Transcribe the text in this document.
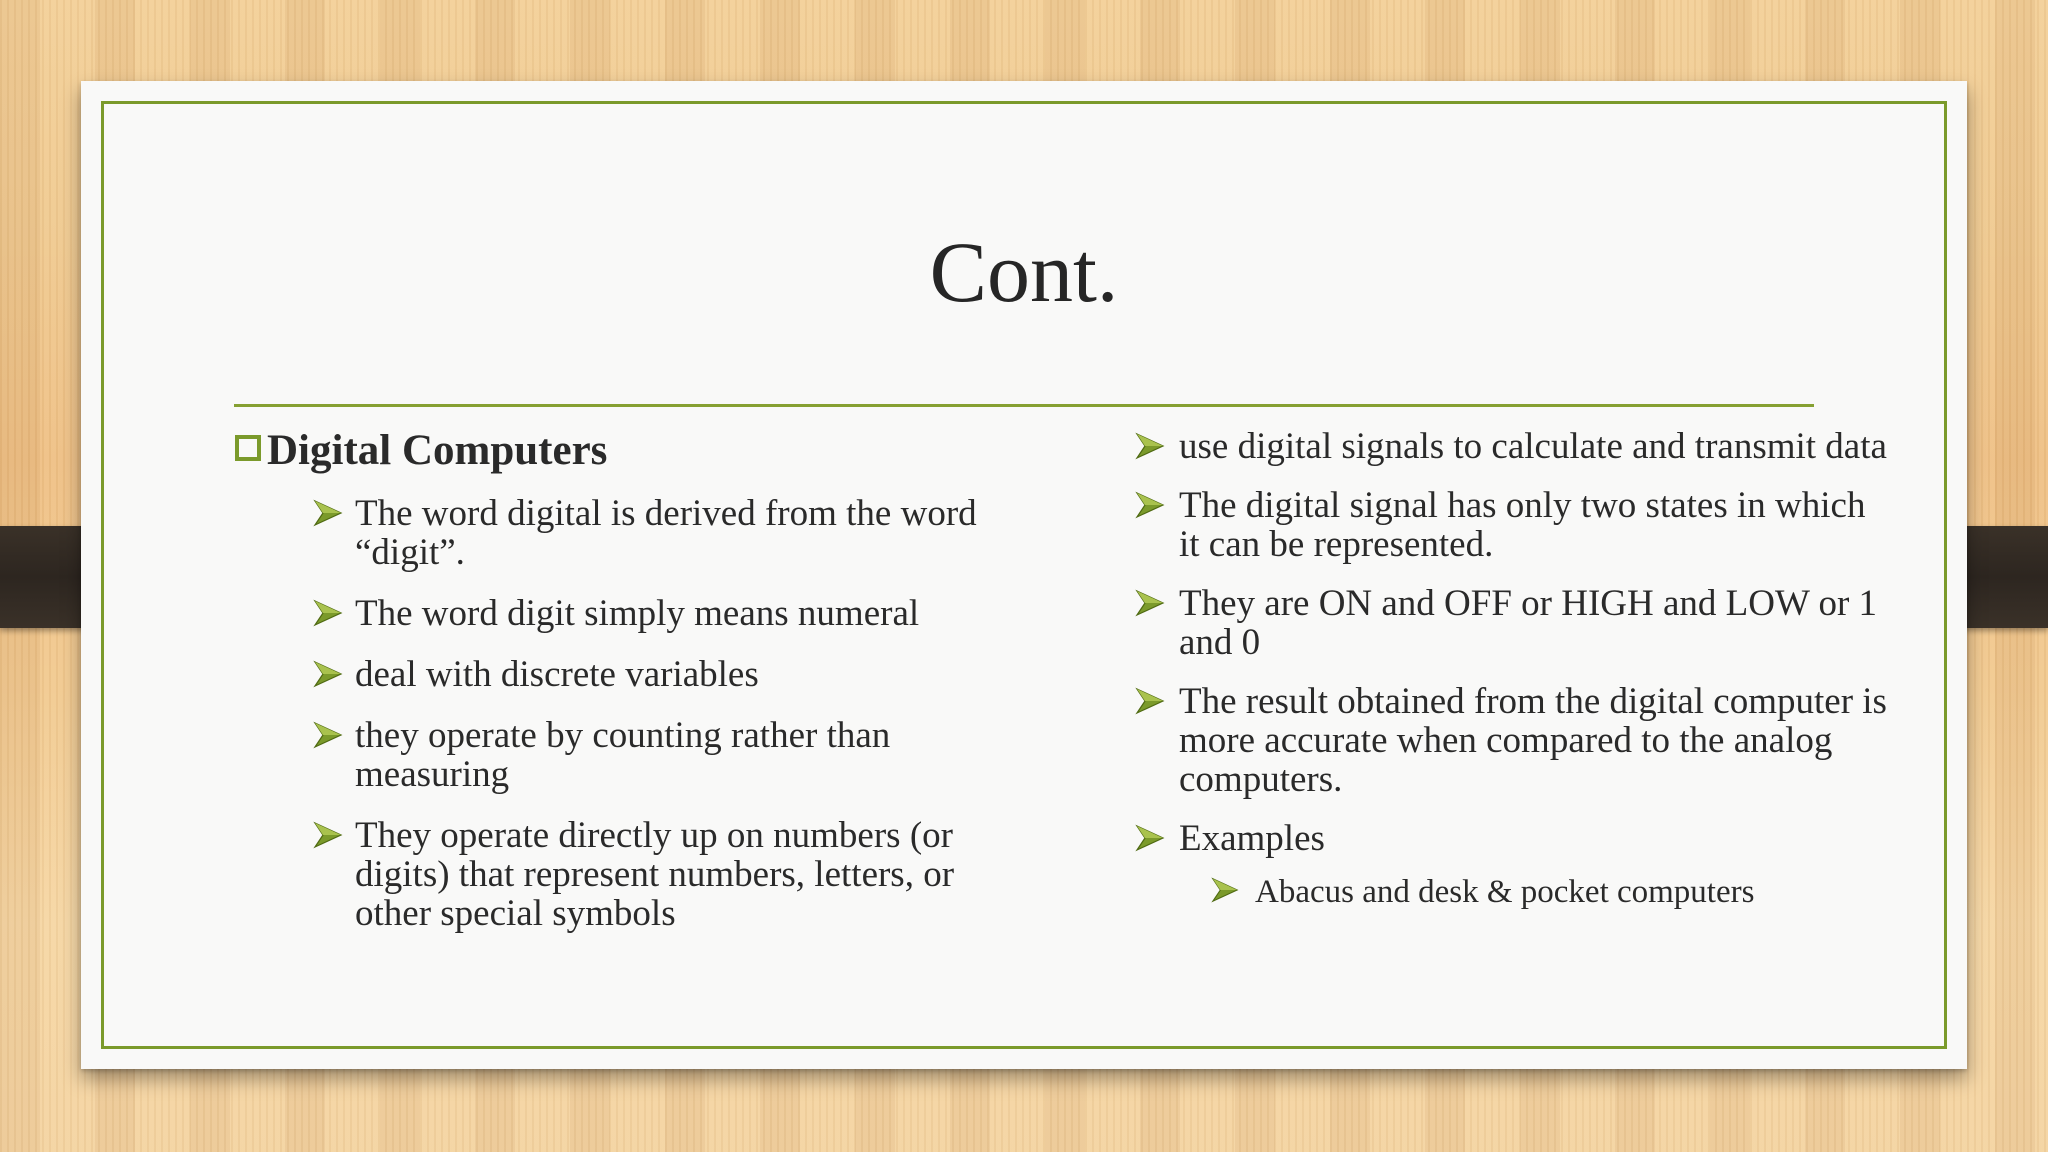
Cont.
Digital Computers
The word digital is derived from the word “digit”.
The word digit simply means numeral
deal with discrete variables
they operate by counting rather than measuring
They operate directly up on numbers (or digits) that represent numbers, letters, or other special symbols
use digital signals to calculate and transmit data
The digital signal has only two states in which it can be represented.
They are ON and OFF or HIGH and LOW or 1 and 0
The result obtained from the digital computer is more accurate when compared to the analog computers.
Examples
Abacus and desk & pocket computers
